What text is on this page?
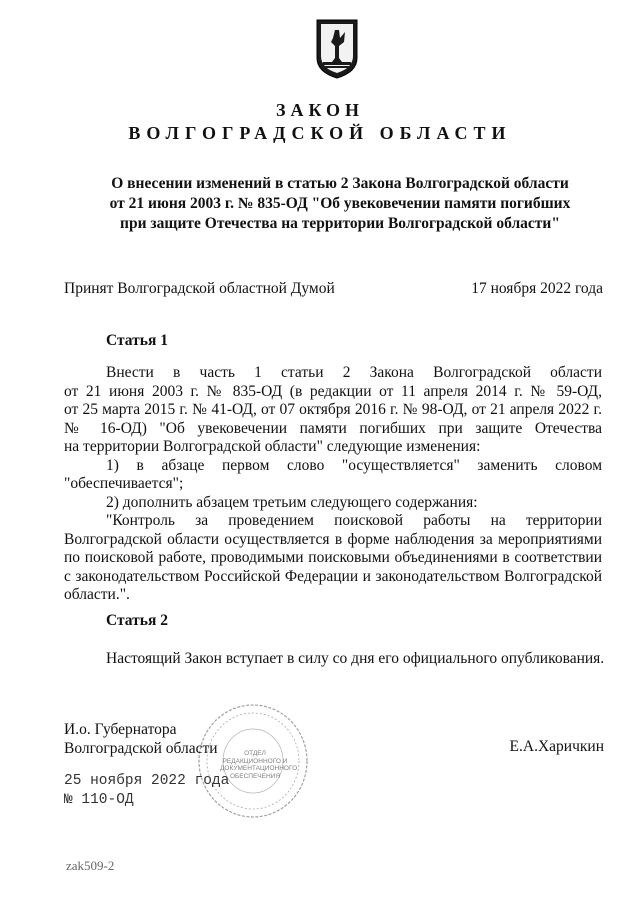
ЗАКОН
ВОЛГОГРАДСКОЙ ОБЛАСТИ
О внесении изменений в статью 2 Закона Волгоградской области
от 21 июня 2003 г. № 835-ОД "Об увековечении памяти погибших
при защите Отечества на территории Волгоградской области"
Принят Волгоградской областной Думой	17 ноября 2022 года
Статья 1
Внести в часть 1 статьи 2 Закона Волгоградской области
от 21 июня 2003 г. № 835-ОД (в редакции от 11 апреля 2014 г. № 59-ОД,
от 25 марта 2015 г. № 41-ОД, от 07 октября 2016 г. № 98-ОД, от 21 апреля 2022 г.
№ 16-ОД) "Об увековечении памяти погибших при защите Отечества
на территории Волгоградской области" следующие изменения:
1) в абзаце первом слово "осуществляется" заменить словом
"обеспечивается";
2) дополнить абзацем третьим следующего содержания:
"Контроль за проведением поисковой работы на территории
Волгоградской области осуществляется в форме наблюдения за мероприятиями
по поисковой работе, проводимыми поисковыми объединениями в соответствии
с законодательством Российской Федерации и законодательством Волгоградской
области.".
Статья 2
Настоящий Закон вступает в силу со дня его официального опубликования.
ОТДЕЛ
РЕДАКЦИОННОГО И
ДОКУМЕНТАЦИОННОГО
ОБЕСПЕЧЕНИЯ
И.о. Губернатора
Волгоградской области
25 ноября 2022 года
№ 110-ОД
Е.А.Харичкин
zak509-2
